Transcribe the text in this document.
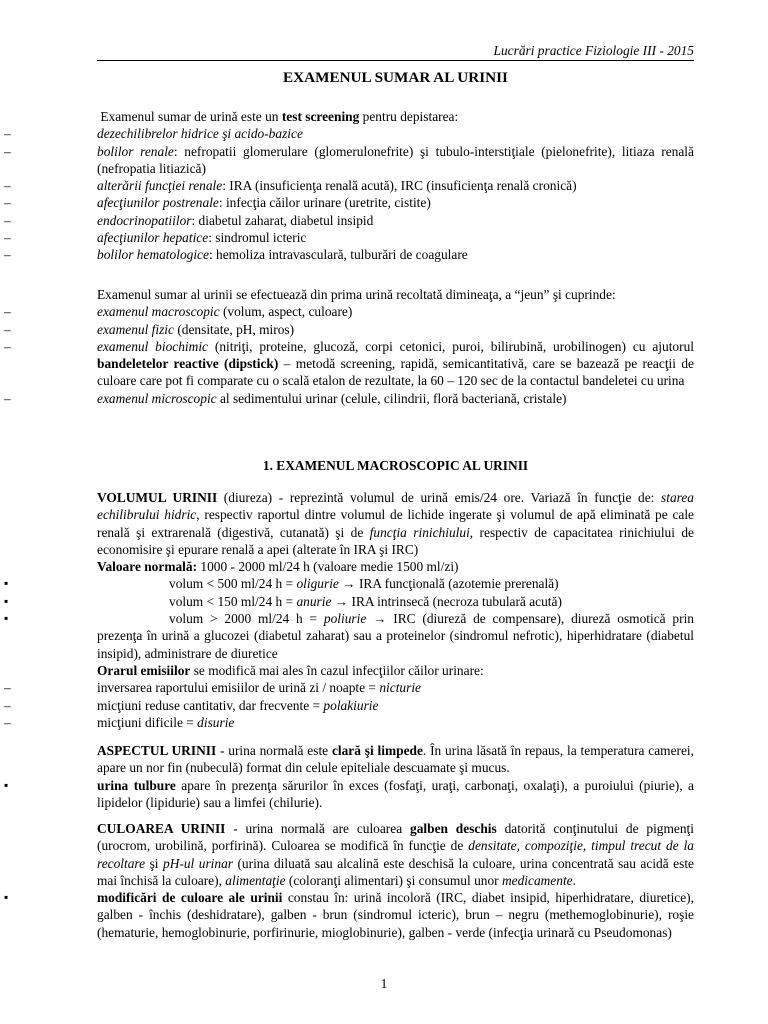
Lucrări practice Fiziologie III - 2015
EXAMENUL SUMAR AL URINII

Examenul sumar de urină este un test screening pentru depistarea:

– dezechilibrelor hidrice şi acido-bazice

– bolilor renale: nefropatii glomerulare (glomerulonefrite) şi tubulo-interstiţiale (pielonefrite), litiaza renală (nefropatia litiazică)

– alterării funcţiei renale: IRA (insuficienţa renală acută), IRC (insuficienţa renală cronică)

– afecţiunilor postrenale: infecţia căilor urinare (uretrite, cistite)

– endocrinopatiilor: diabetul zaharat, diabetul insipid

– afecţiunilor hepatice: sindromul icteric

– bolilor hematologice: hemoliza intravasculară, tulburări de coagulare

Examenul sumar al urinii se efectuează din prima urină recoltată dimineaţa, a “jeun” şi cuprinde:

– examenul macroscopic (volum, aspect, culoare)

– examenul fizic (densitate, pH, miros)

– examenul biochimic (nitriţi, proteine, glucoză, corpi cetonici, puroi, bilirubină, urobilinogen) cu ajutorul bandeletelor reactive (dipstick) – metodă screening, rapidă, semicantitativă, care se bazează pe reacţii de culoare care pot fi comparate cu o scală etalon de rezultate, la 60 – 120 sec de la contactul bandeletei cu urina

– examenul microscopic al sedimentului urinar (celule, cilindrii, floră bacteriană, cristale)

1. EXAMENUL MACROSCOPIC AL URINII

VOLUMUL URINII (diureza) - reprezintă volumul de urină emis/24 ore. Variază în funcţie de: starea echilibrului hidric, respectiv raportul dintre volumul de lichide ingerate şi volumul de apă eliminată pe cale renală şi extrarenală (digestivă, cutanată) şi de funcţia rinichiului, respectiv de capacitatea rinichiului de economisire şi epurare renală a apei (alterate în IRA şi IRC)

Valoare normală: 1000 - 2000 ml/24 h (valoare medie 1500 ml/zi)

▪ volum < 500 ml/24 h = oligurie → IRA funcţională (azotemie prerenală)

▪ volum < 150 ml/24 h = anurie → IRA intrinsecă (necroza tubulară acută)

▪ volum > 2000 ml/24 h = poliurie → IRC (diureză de compensare), diureză osmotică prin prezenţa în urină a glucozei (diabetul zaharat) sau a proteinelor (sindromul nefrotic), hiperhidratare (diabetul insipid), administrare de diuretice

Orarul emisiilor se modifică mai ales în cazul infecţiilor căilor urinare:

– inversarea raportului emisiilor de urină zi / noapte = nicturie

– micţiuni reduse cantitativ, dar frecvente = polakiurie

– micţiuni dificile = disurie

ASPECTUL URINII - urina normală este clară şi limpede. În urina lăsată în repaus, la temperatura camerei, apare un nor fin (nubeculă) format din celule epiteliale descuamate şi mucus.

▪ urina tulbure apare în prezenţa sărurilor în exces (fosfaţi, uraţi, carbonaţi, oxalaţi), a puroiului (piurie), a lipidelor (lipidurie) sau a limfei (chilurie).

CULOAREA URINII - urina normală are culoarea galben deschis datorită conţinutului de pigmenţi (urocrom, urobilină, porfirină). Culoarea se modifică în funcţie de densitate, compoziţie, timpul trecut de la recoltare şi pH-ul urinar (urina diluată sau alcalină este deschisă la culoare, urina concentrată sau acidă este mai închisă la culoare), alimentaţie (coloranţi alimentari) şi consumul unor medicamente.

▪ modificări de culoare ale urinii constau în: urină incoloră (IRC, diabet insipid, hiperhidratare, diuretice), galben - închis (deshidratare), galben - brun (sindromul icteric), brun – negru (methemoglobinurie), roşie (hematurie, hemoglobinurie, porfirinurie, mioglobinurie), galben - verde (infecţia urinară cu Pseudomonas)

1
